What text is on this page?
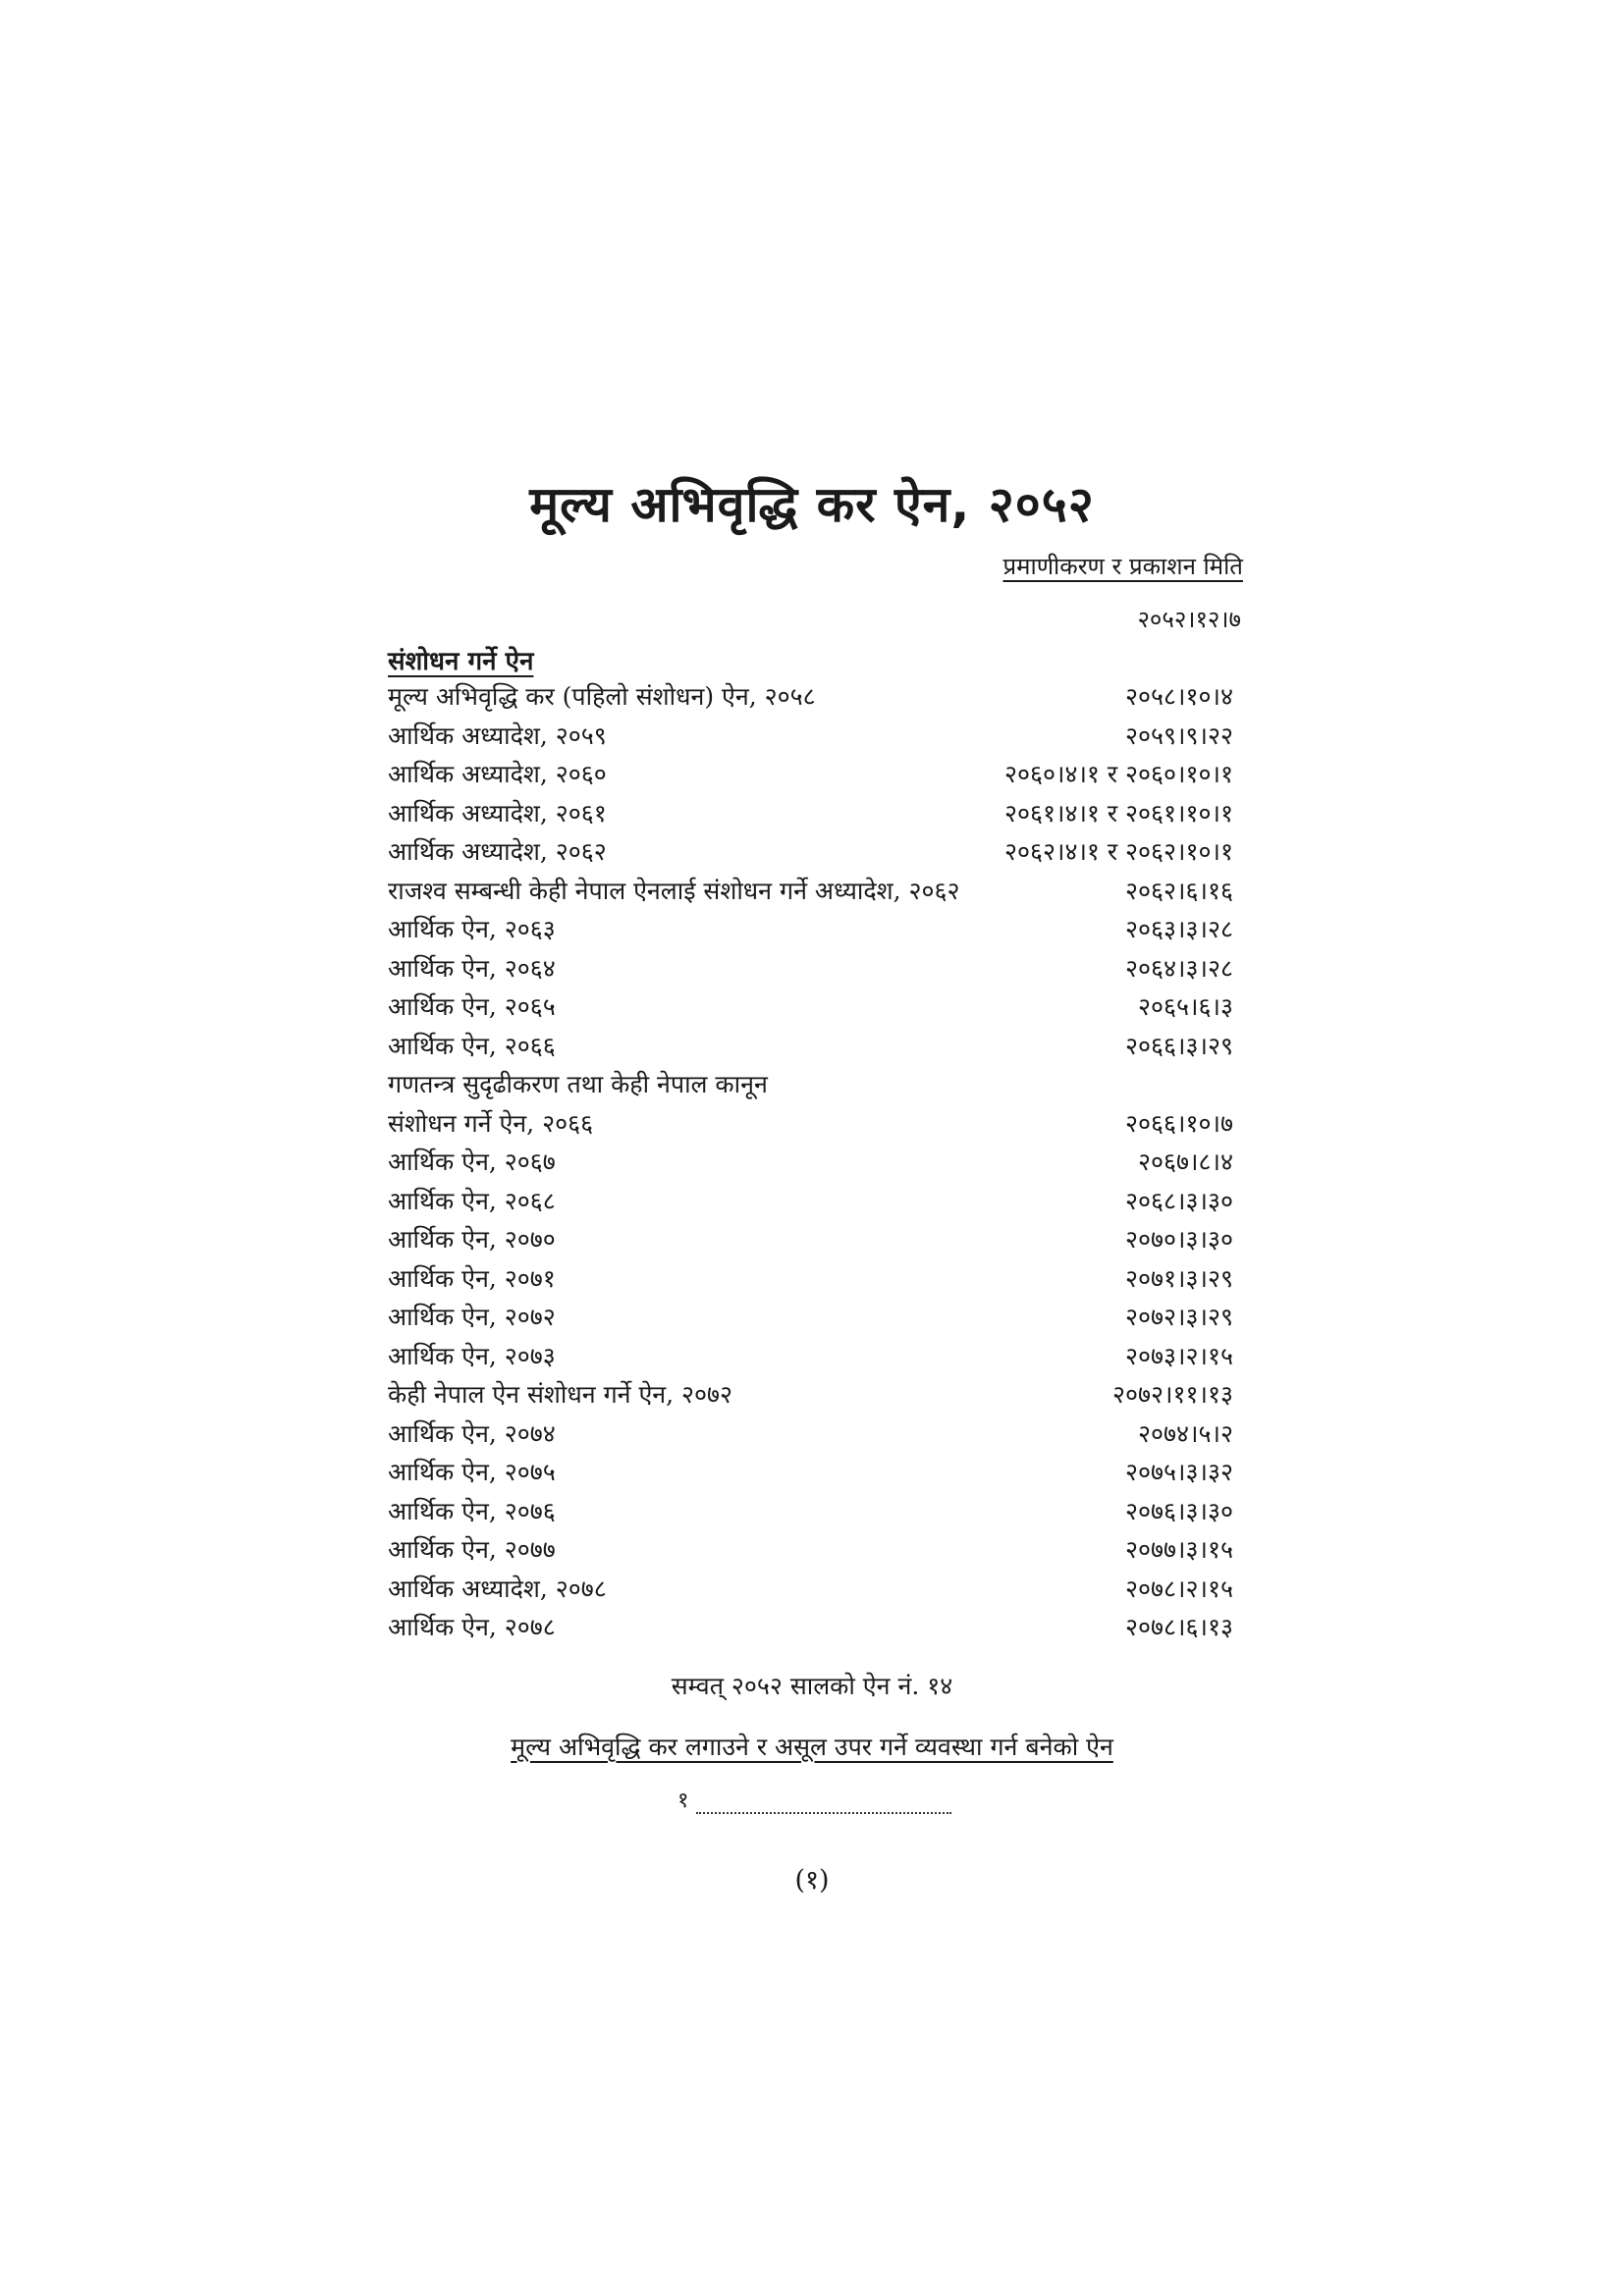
मूल्य अभिवृद्धि कर ऐन, २०५२
प्रमाणीकरण र प्रकाशन मिति
२०५२।१२।७
संशोधन गर्ने ऐन
मूल्य अभिवृद्धि कर (पहिलो संशोधन) ऐन, २०५८	२०५८।१०।४
आर्थिक अध्यादेश, २०५९	२०५९।९।२२
आर्थिक अध्यादेश, २०६०	२०६०।४।१ र २०६०।१०।१
आर्थिक अध्यादेश, २०६१	२०६१।४।१ र २०६१।१०।१
आर्थिक अध्यादेश, २०६२	२०६२।४।१ र २०६२।१०।१
राजश्व सम्बन्धी केही नेपाल ऐनलाई संशोधन गर्ने अध्यादेश, २०६२	२०६२।६।१६
आर्थिक ऐन, २०६३	२०६३।३।२८
आर्थिक ऐन, २०६४	२०६४।३।२८
आर्थिक ऐन, २०६५	२०६५।६।३
आर्थिक ऐन, २०६६	२०६६।३।२९
गणतन्त्र सुदृढीकरण तथा केही नेपाल कानून
संशोधन गर्ने ऐन, २०६६	२०६६।१०।७
आर्थिक ऐन, २०६७	२०६७।८।४
आर्थिक ऐन, २०६८	२०६८।३।३०
आर्थिक ऐन, २०७०	२०७०।३।३०
आर्थिक ऐन, २०७१	२०७१।३।२९
आर्थिक ऐन, २०७२	२०७२।३।२९
आर्थिक ऐन, २०७३	२०७३।२।१५
केही नेपाल ऐन संशोधन गर्ने ऐन, २०७२	२०७२।११।१३
आर्थिक ऐन, २०७४	२०७४।५।२
आर्थिक ऐन, २०७५	२०७५।३।३२
आर्थिक ऐन, २०७६	२०७६।३।३०
आर्थिक ऐन, २०७७	२०७७।३।१५
आर्थिक अध्यादेश, २०७८	२०७८।२।१५
आर्थिक ऐन, २०७८	२०७८।६।१३
सम्वत् २०५२ सालको ऐन नं. १४
मूल्य अभिवृद्धि कर लगाउने र असूल उपर गर्ने व्यवस्था गर्न बनेको ऐन
१
(१)
